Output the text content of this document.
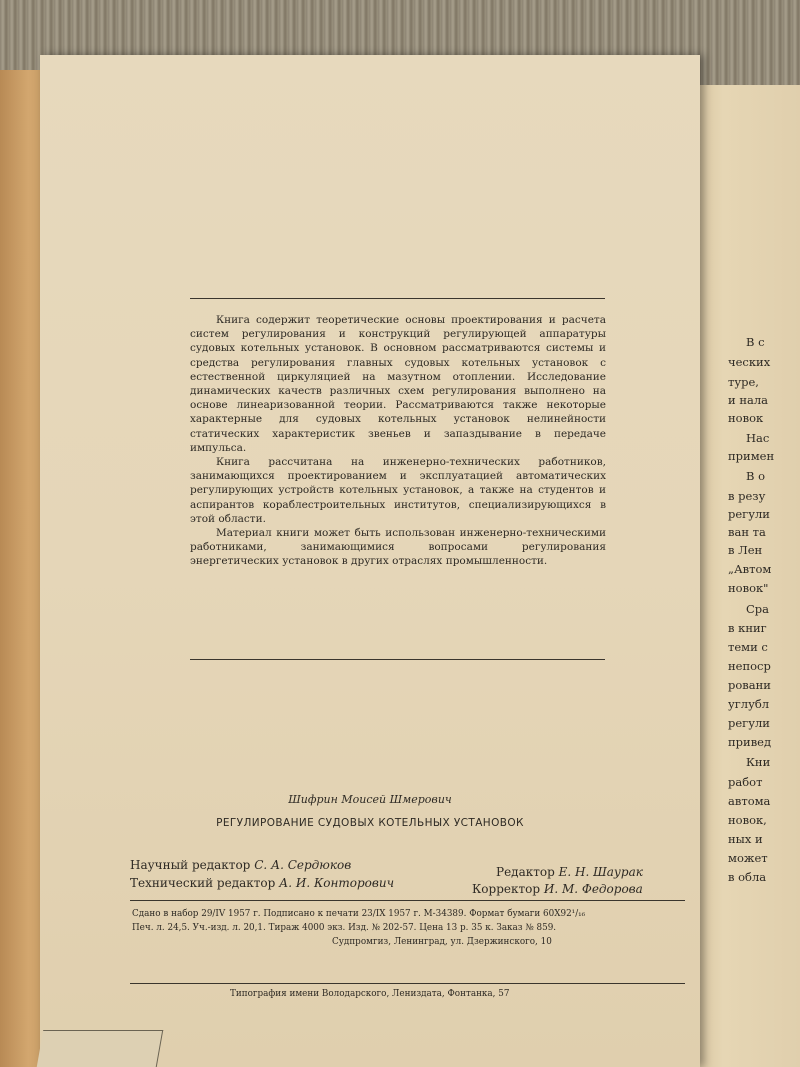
В с
ческих
туре,
и нала
новок
Нас
примен
В о
в резу
регули
ван та
в Лен
„Автом
новок"
Сра
в книг
теми с
непоср
ровани
углубл
регули
привед
Кни
работ
автома
новок,
ных и
может
в обла

Книга содержит теоретические основы проектирования и расчета систем регулирования и конструкций регулирующей аппаратуры судовых котельных установок. В основном рассматриваются системы и средства регулирования главных судовых котельных установок с естественной циркуляцией на мазутном отоплении. Исследование динамических качеств различных схем регулирования выполнено на основе линеаризованной теории. Рассматриваются также некоторые характерные для судовых котельных установок нелинейности статических характеристик звеньев и запаздывание в передаче импульса.

Книга рассчитана на инженерно-технических работников, занимающихся проектированием и эксплуатацией автоматических регулирующих устройств котельных установок, а также на студентов и аспирантов кораблестроительных институтов, специализирующихся в этой области.

Материал книги может быть использован инженерно-техническими работниками, занимающимися вопросами регулирования энергетических установок в других отраслях промышленности.

Шифрин Моисей Шмерович
РЕГУЛИРОВАНИЕ СУДОВЫХ КОТЕЛЬНЫХ УСТАНОВОК
Научный редактор С. А. Сердюков
Технический редактор А. И. Конторович
Редактор Е. Н. Шаурак
Корректор И. М. Федорова
Сдано в набор 29/IV 1957 г. Подписано к печати 23/IX 1957 г. М-34389. Формат бумаги 60X92¹/₁₆
Печ. л. 24,5. Уч.-изд. л. 20,1. Тираж 4000 экз. Изд. № 202-57. Цена 13 р. 35 к. Заказ № 859.
Судпромгиз, Ленинград, ул. Дзержинского, 10
Типография имени Володарского, Лениздата, Фонтанка, 57
